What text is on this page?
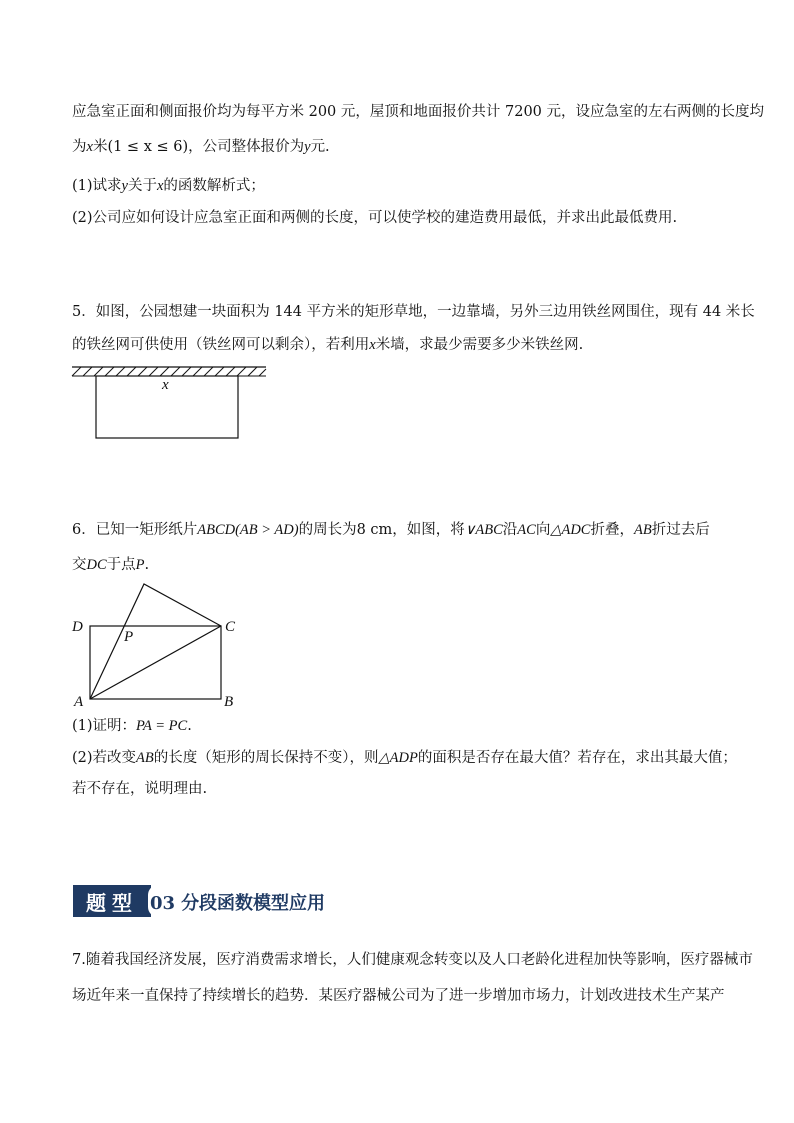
应急室正面和侧面报价均为每平方米 200 元，屋顶和地面报价共计 7200 元，设应急室的左右两侧的长度均
为x米(1 ≤ x ≤ 6)，公司整体报价为y元.
(1)试求y关于x的函数解析式；
(2)公司应如何设计应急室正面和两侧的长度，可以使学校的建造费用最低，并求出此最低费用.
5．如图，公园想建一块面积为 144 平方米的矩形草地，一边靠墙，另外三边用铁丝网围住，现有 44 米长
的铁丝网可供使用（铁丝网可以剩余），若利用x米墙，求最少需要多少米铁丝网.
x
6．已知一矩形纸片ABCD(AB > AD)的周长为8 cm，如图，将∨ABC沿AC向△ADC折叠，AB折过去后
交DC于点P.
D	C
A	B
P
(1)证明：PA = PC.
(2)若改变AB的长度（矩形的周长保持不变），则△ADP的面积是否存在最大值？若存在，求出其最大值；
若不存在，说明理由.
题型 03 分段函数模型应用
7.随着我国经济发展，医疗消费需求增长，人们健康观念转变以及人口老龄化进程加快等影响，医疗器械市
场近年来一直保持了持续增长的趋势．某医疗器械公司为了进一步增加市场力，计划改进技术生产某产
